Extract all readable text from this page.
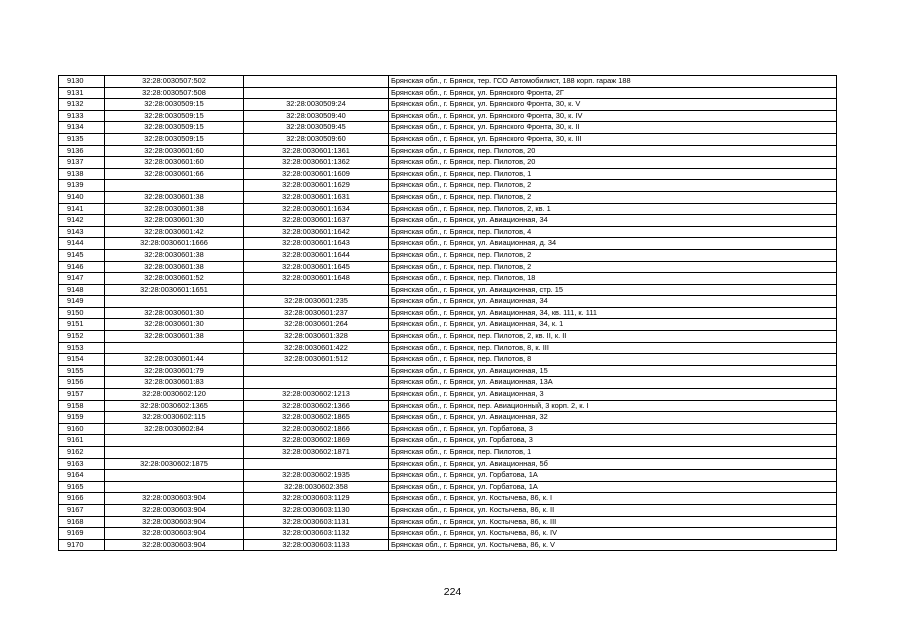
9130	32:28:0030507:502		Брянская обл., г. Брянск, тер. ГСО Автомобилист, 188 корп. гараж 188
9131	32:28:0030507:508		Брянская обл., г. Брянск, ул. Брянского Фронта, 2Г
9132	32:28:0030509:15	32:28:0030509:24	Брянская обл., г. Брянск, ул. Брянского Фронта, 30, к. V
9133	32:28:0030509:15	32:28:0030509:40	Брянская обл., г. Брянск, ул. Брянского Фронта, 30, к. IV
9134	32:28:0030509:15	32:28:0030509:45	Брянская обл., г. Брянск, ул. Брянского Фронта, 30, к. II
9135	32:28:0030509:15	32:28:0030509:60	Брянская обл., г. Брянск, ул. Брянского Фронта, 30, к. III
9136	32:28:0030601:60	32:28:0030601:1361	Брянская обл., г. Брянск, пер. Пилотов, 20
9137	32:28:0030601:60	32:28:0030601:1362	Брянская обл., г. Брянск, пер. Пилотов, 20
9138	32:28:0030601:66	32:28:0030601:1609	Брянская обл., г. Брянск, пер. Пилотов, 1
9139		32:28:0030601:1629	Брянская обл., г. Брянск, пер. Пилотов, 2
9140	32:28:0030601:38	32:28:0030601:1631	Брянская обл., г. Брянск, пер. Пилотов, 2
9141	32:28:0030601:38	32:28:0030601:1634	Брянская обл., г. Брянск, пер. Пилотов, 2, кв. 1
9142	32:28:0030601:30	32:28:0030601:1637	Брянская обл., г. Брянск, ул. Авиационная, 34
9143	32:28:0030601:42	32:28:0030601:1642	Брянская обл., г. Брянск, пер. Пилотов, 4
9144	32:28:0030601:1666	32:28:0030601:1643	Брянская обл., г. Брянск, ул. Авиационная, д. 34
9145	32:28:0030601:38	32:28:0030601:1644	Брянская обл., г. Брянск, пер. Пилотов, 2
9146	32:28:0030601:38	32:28:0030601:1645	Брянская обл., г. Брянск, пер. Пилотов, 2
9147	32:28:0030601:52	32:28:0030601:1648	Брянская обл., г. Брянск, пер. Пилотов, 18
9148	32:28:0030601:1651		Брянская обл., г. Брянск, ул. Авиационная, стр. 15
9149		32:28:0030601:235	Брянская обл., г. Брянск, ул. Авиационная, 34
9150	32:28:0030601:30	32:28:0030601:237	Брянская обл., г. Брянск, ул. Авиационная, 34, кв. 111, к. 111
9151	32:28:0030601:30	32:28:0030601:264	Брянская обл., г. Брянск, ул. Авиационная, 34, к. 1
9152	32:28:0030601:38	32:28:0030601:328	Брянская обл., г. Брянск, пер. Пилотов, 2, кв. II, к. II
9153		32:28:0030601:422	Брянская обл., г. Брянск, пер. Пилотов, 8, к. III
9154	32:28:0030601:44	32:28:0030601:512	Брянская обл., г. Брянск, пер. Пилотов, 8
9155	32:28:0030601:79		Брянская обл., г. Брянск, ул. Авиационная, 15
9156	32:28:0030601:83		Брянская обл., г. Брянск, ул. Авиационная, 13А
9157	32:28:0030602:120	32:28:0030602:1213	Брянская обл., г. Брянск, ул. Авиационная, 3
9158	32:28:0030602:1365	32:28:0030602:1366	Брянская обл., г. Брянск, пер. Авиационный, 3 корп. 2, к. I
9159	32:28:0030602:115	32:28:0030602:1865	Брянская обл., г. Брянск, ул. Авиационная, 32
9160	32:28:0030602:84	32:28:0030602:1866	Брянская обл., г. Брянск, ул. Горбатова, 3
9161		32:28:0030602:1869	Брянская обл., г. Брянск, ул. Горбатова, 3
9162		32:28:0030602:1871	Брянская обл., г. Брянск, пер. Пилотов, 1
9163	32:28:0030602:1875		Брянская обл., г. Брянск, ул. Авиационная, 5б
9164		32:28:0030602:1935	Брянская обл., г. Брянск, ул. Горбатова, 1А
9165		32:28:0030602:358	Брянская обл., г. Брянск, ул. Горбатова, 1А
9166	32:28:0030603:904	32:28:0030603:1129	Брянская обл., г. Брянск, ул. Костычева, 86, к. I
9167	32:28:0030603:904	32:28:0030603:1130	Брянская обл., г. Брянск, ул. Костычева, 86, к. II
9168	32:28:0030603:904	32:28:0030603:1131	Брянская обл., г. Брянск, ул. Костычева, 86, к. III
9169	32:28:0030603:904	32:28:0030603:1132	Брянская обл., г. Брянск, ул. Костычева, 86, к. IV
9170	32:28:0030603:904	32:28:0030603:1133	Брянская обл., г. Брянск, ул. Костычева, 86, к. V
224
